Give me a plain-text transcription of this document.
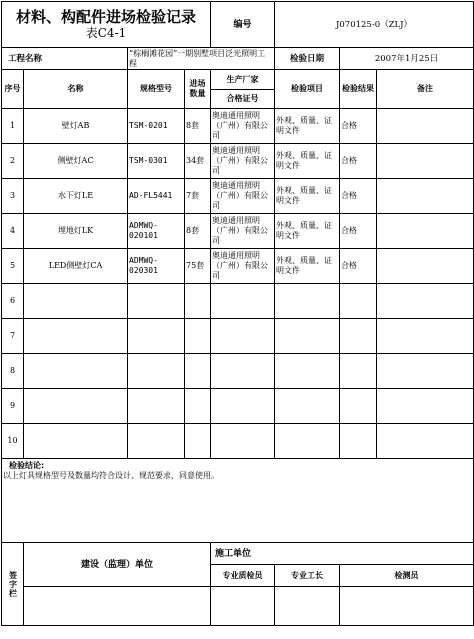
材料、构配件进场检验记录
表C4-1				编号	J070125-0（ZLJ）		
工程名称		“棕榈滩花园”一期别墅项目泛光照明工程			检验日期	2007年1月25日	
序号	名称	规格型号	进场数量	生产厂家	检验项目	检验结果	备注
				合格证号			
1	壁灯AB	TSM-0201	8套	奥迪通用照明（广州）有限公司	外观、质量、证明文件	合格	
2	侧壁灯AC	TSM-0301	34套	奥迪通用照明（广州）有限公司	外观、质量、证明文件	合格	
3	水下灯LE	AD-FL5441	7套	奥迪通用照明（广州）有限公司	外观、质量、证明文件	合格	
4	埋地灯LK	ADMWQ-020101	8套	奥迪通用照明（广州）有限公司	外观、质量、证明文件	合格	
5	LED侧壁灯CA	ADMWQ-020301	75套	奥迪通用照明（广州）有限公司	外观、质量、证明文件	合格	
6							
7							
8							
9							
10							

检验结论:
以上灯具规格型号及数量均符合设计、规范要求，同意使用。							

签字栏	建设（监理）单位			施工单位			
				专业质检员	专业工长	检测员	
